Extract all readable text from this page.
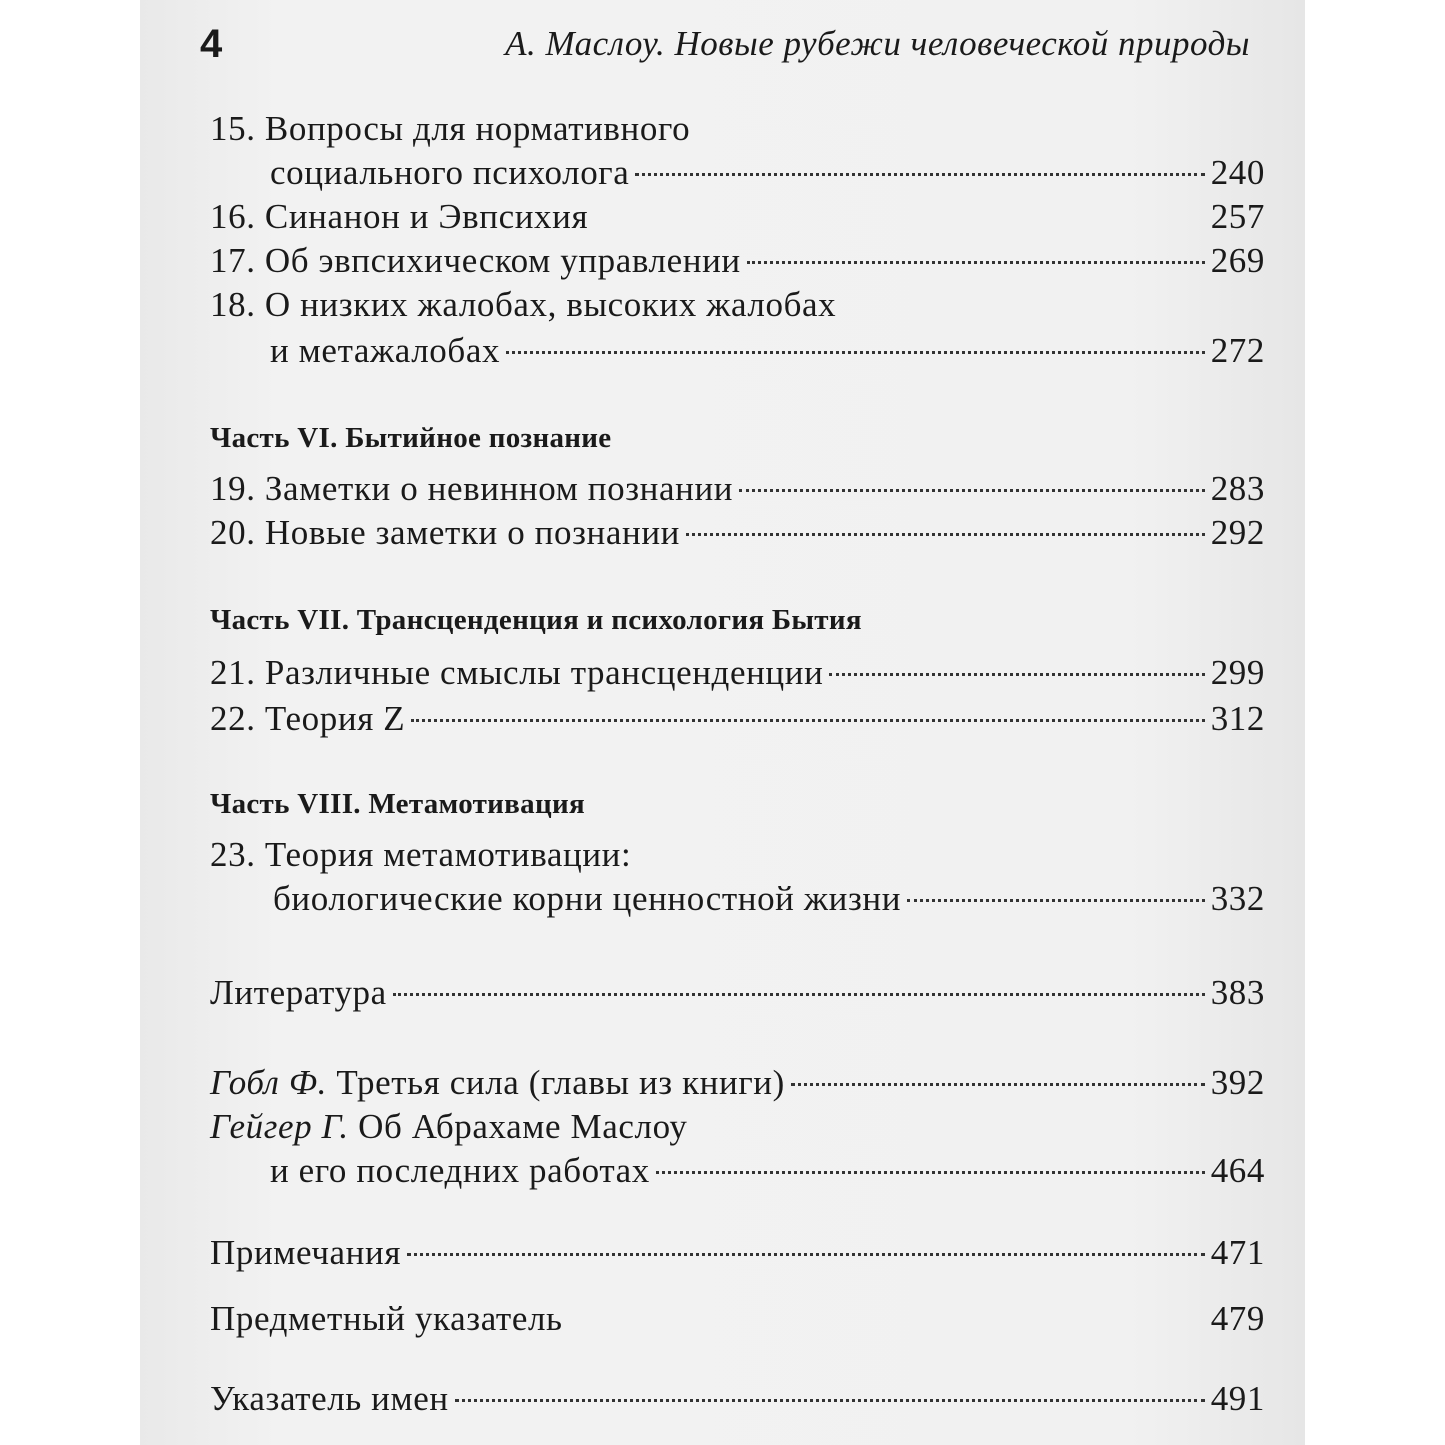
4	А. Маслоу. Новые рубежи человеческой природы
15. Вопросы для нормативного
социального психолога	240
16. Синанон и Эвпсихия	257
17. Об эвпсихическом управлении	269
18. О низких жалобах, высоких жалобах
и метажалобах	272
Часть VI. Бытийное познание
19. Заметки о невинном познании	283
20. Новые заметки о познании	292
Часть VII. Трансценденция и психология Бытия
21. Различные смыслы трансценденции	299
22. Теория Z	312
Часть VIII. Метамотивация
23. Теория метамотивации:
биологические корни ценностной жизни	332
Литература	383
Гобл Ф. Третья сила (главы из книги)	392
Гейгер Г. Об Абрахаме Маслоу
и его последних работах	464
Примечания	471
Предметный указатель	479
Указатель имен	491
